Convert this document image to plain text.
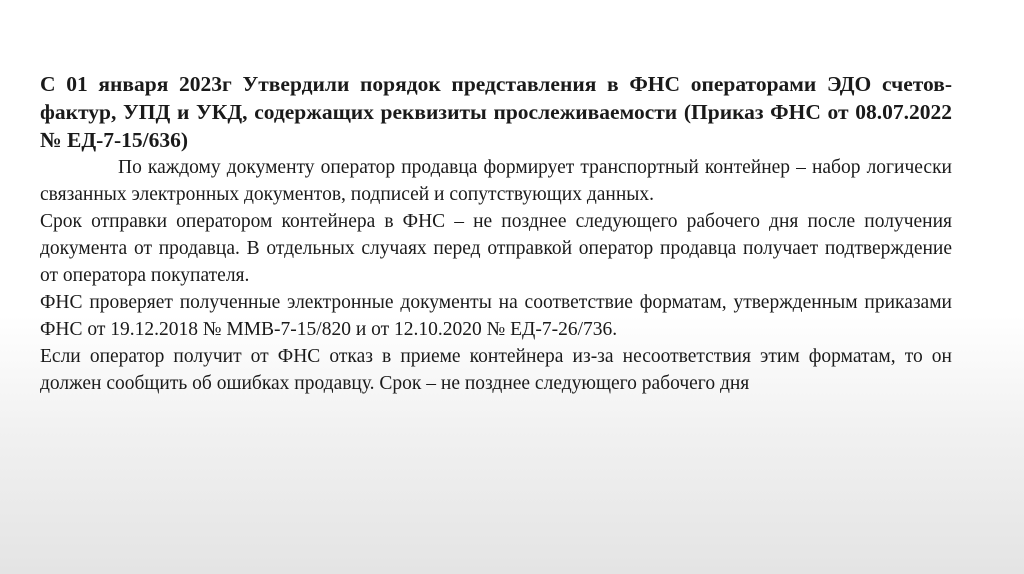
С 01 января 2023г Утвердили порядок представления в ФНС операторами ЭДО счетов-фактур, УПД и УКД, содержащих реквизиты прослеживаемости (Приказ ФНС от 08.07.2022 № ЕД-7-15/636)

По каждому документу оператор продавца формирует транспортный контейнер – набор логически связанных электронных документов, подписей и сопутствующих данных.

Срок отправки оператором контейнера в ФНС – не позднее следующего рабочего дня после получения документа от продавца. В отдельных случаях перед отправкой оператор продавца получает подтверждение от оператора покупателя.

ФНС проверяет полученные электронные документы на соответствие форматам, утвержденным приказами ФНС от 19.12.2018 № ММВ-7-15/820 и от 12.10.2020 № ЕД-7-26/736.

Если оператор получит от ФНС отказ в приеме контейнера из-за несоответствия этим форматам, то он должен сообщить об ошибках продавцу. Срок – не позднее следующего рабочего дня
